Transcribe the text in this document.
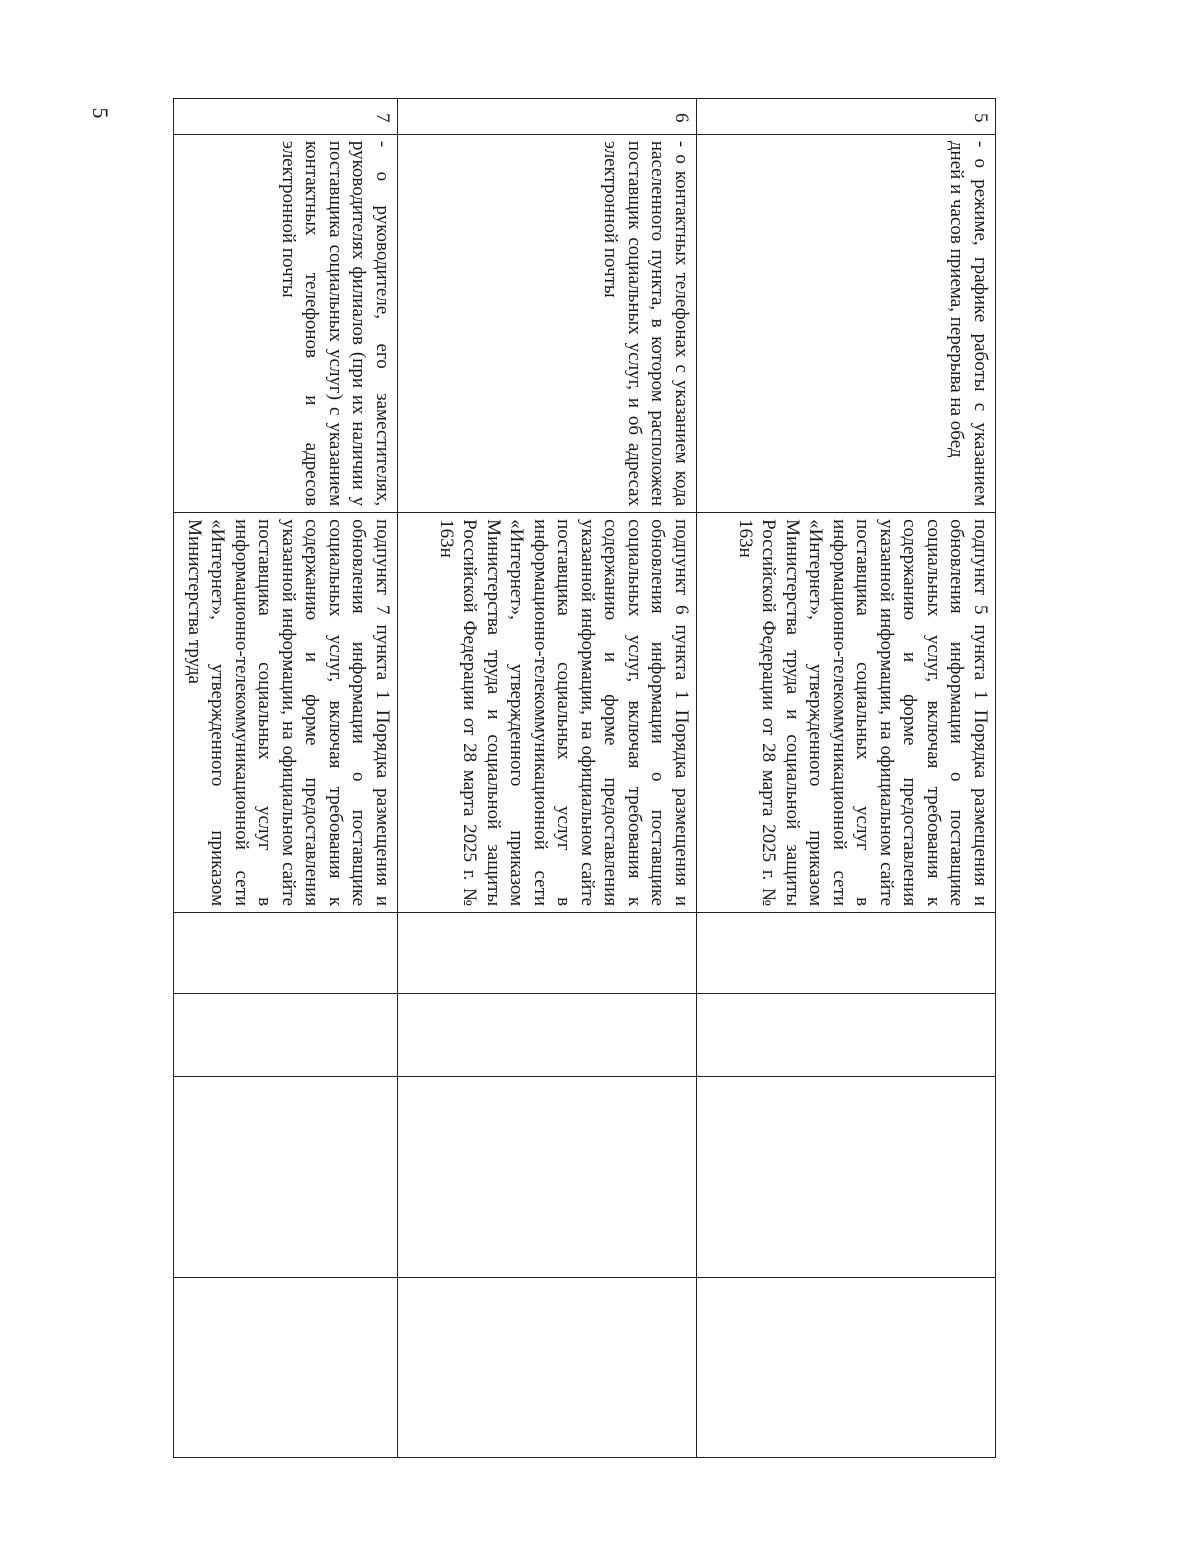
5	5	- о режиме, графике работы с указанием дней и часов приема, перерыва на обед	подпункт 5 пункта 1 Порядка размещения и обновления информации о поставщике социальных услуг, включая требования к содержанию и форме предоставления указанной информации, на официальном сайте поставщика социальных услуг в информационно-телекоммуникационной сети «Интернет», утвержденного приказом Министерства труда и социальной защиты Российской Федерации от 28 марта 2025 г. № 163н				
6	- о контактных телефонах с указанием кода населенного пункта, в котором расположен поставщик социальных услуг, и об адресах электронной почты	подпункт 6 пункта 1 Порядка размещения и обновления информации о поставщике социальных услуг, включая требования к содержанию и форме предоставления указанной информации, на официальном сайте поставщика социальных услуг в информационно-телекоммуникационной сети «Интернет», утвержденного приказом Министерства труда и социальной защиты Российской Федерации от 28 марта 2025 г. № 163н				
7	- о руководителе, его заместителях, руководителях филиалов (при их наличии у поставщика социальных услуг) с указанием контактных телефонов и адресов электронной почты	подпункт 7 пункта 1 Порядка размещения и обновления информации о поставщике социальных услуг, включая требования к содержанию и форме предоставления указанной информации, на официальном сайте поставщика социальных услуг в информационно-телекоммуникационной сети «Интернет», утвержденного приказом Министерства труда				
